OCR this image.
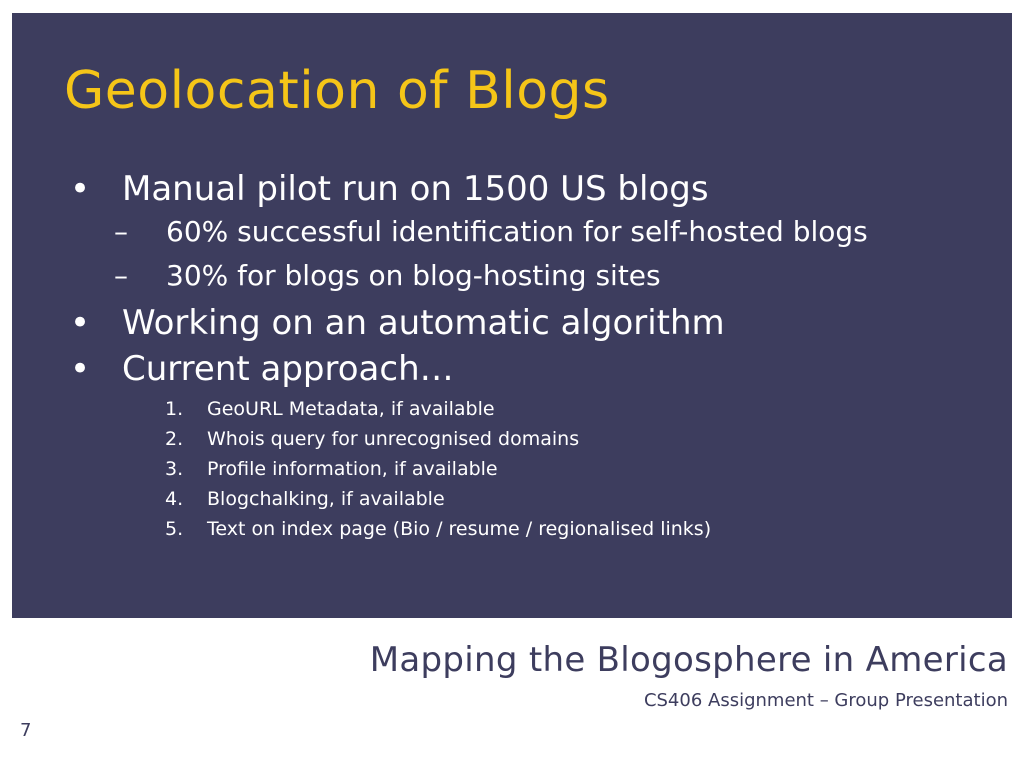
Geolocation of Blogs
• Manual pilot run on 1500 US blogs
– 60% successful identification for self-hosted blogs
– 30% for blogs on blog-hosting sites
• Working on an automatic algorithm
• Current approach…
1. GeoURL Metadata, if available
2. Whois query for unrecognised domains
3. Profile information, if available
4. Blogchalking, if available
5. Text on index page (Bio / resume / regionalised links)
Mapping the Blogosphere in America

CS406 Assignment – Group Presentation

7
